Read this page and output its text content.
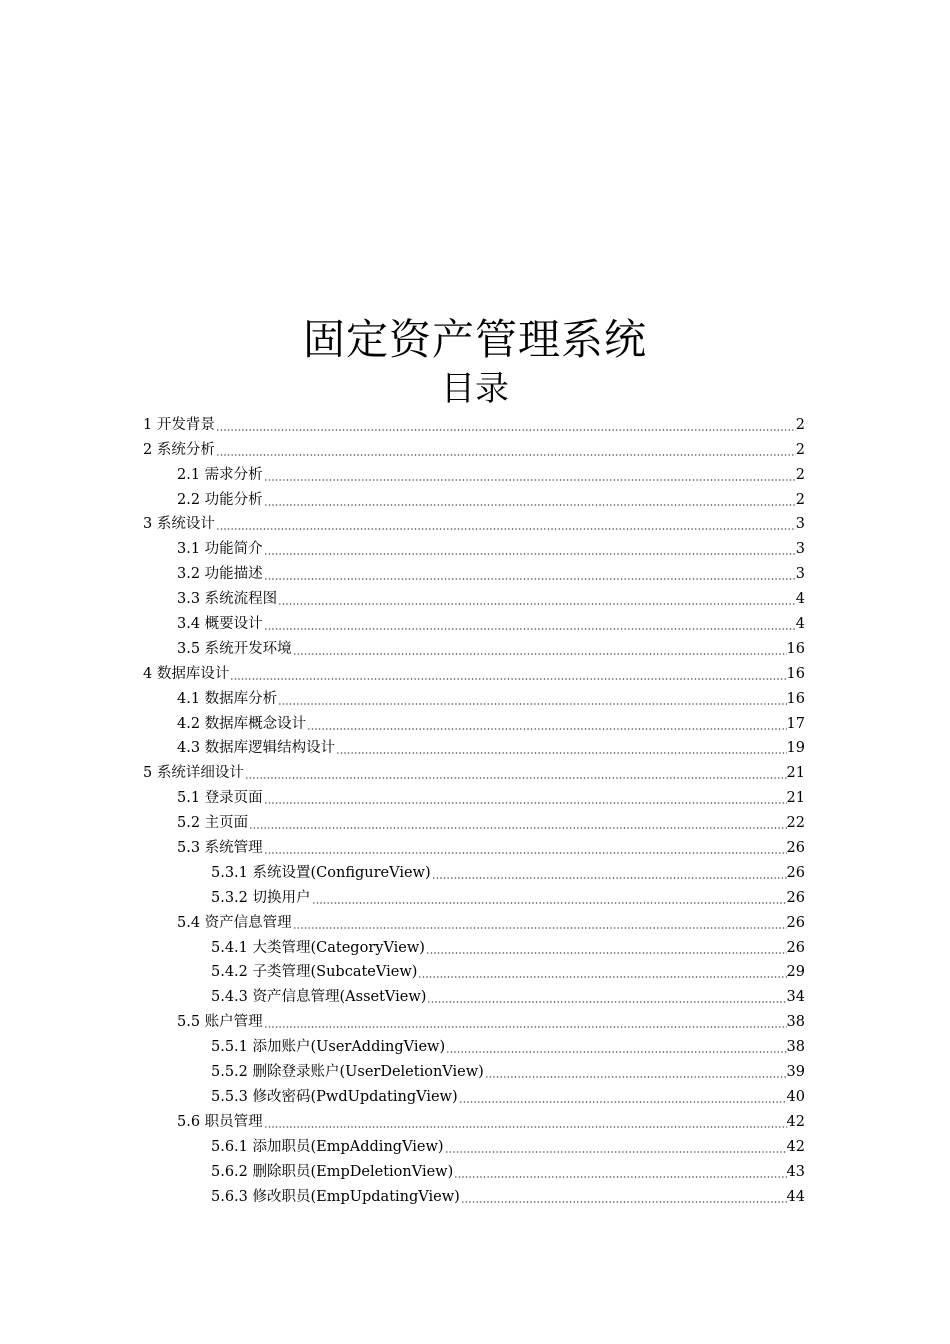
固定资产管理系统
目录
1 开发背景	2
2 系统分析	2
2.1 需求分析	2
2.2 功能分析	2
3 系统设计	3
3.1 功能简介	3
3.2 功能描述	3
3.3 系统流程图	4
3.4 概要设计	4
3.5 系统开发环境	16
4 数据库设计	16
4.1 数据库分析	16
4.2 数据库概念设计	17
4.3 数据库逻辑结构设计	19
5 系统详细设计	21
5.1 登录页面	21
5.2 主页面	22
5.3 系统管理	26
5.3.1 系统设置(ConfigureView)	26
5.3.2 切换用户	26
5.4 资产信息管理	26
5.4.1 大类管理(CategoryView)	26
5.4.2 子类管理(SubcateView)	29
5.4.3 资产信息管理(AssetView)	34
5.5 账户管理	38
5.5.1 添加账户(UserAddingView)	38
5.5.2 删除登录账户(UserDeletionView)	39
5.5.3 修改密码(PwdUpdatingView)	40
5.6 职员管理	42
5.6.1 添加职员(EmpAddingView)	42
5.6.2 删除职员(EmpDeletionView)	43
5.6.3 修改职员(EmpUpdatingView)	44
